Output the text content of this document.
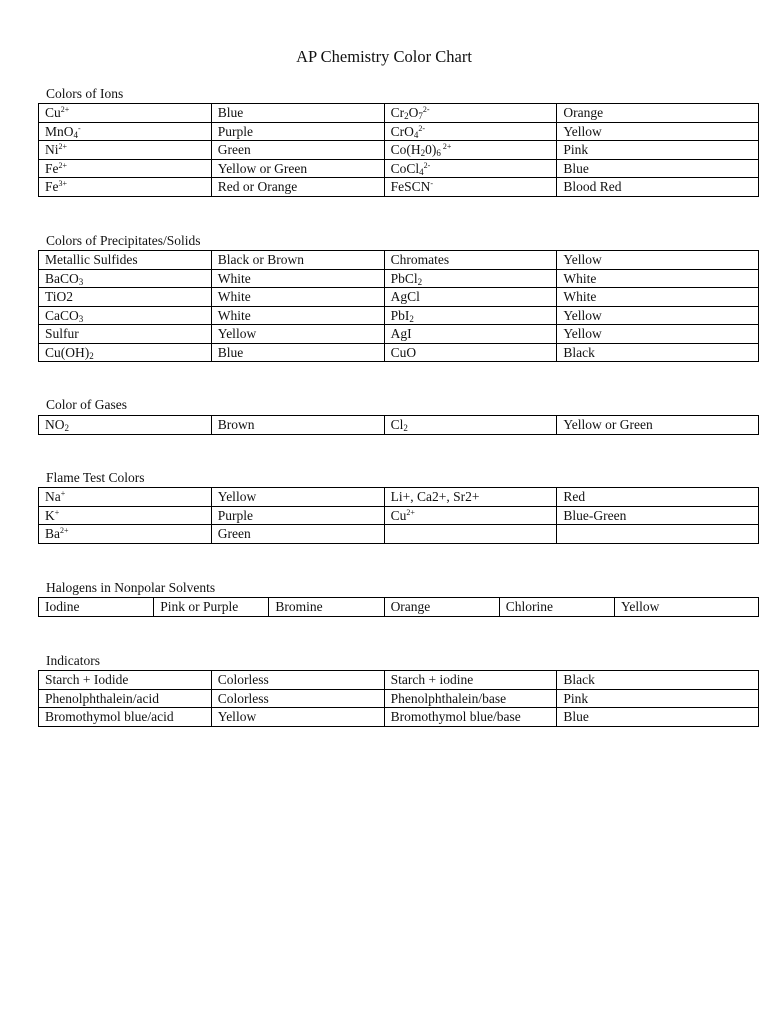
AP Chemistry Color Chart
Colors of Ions
$Cu^{2+}$	Blue	$Cr_2O_7^{2-}$	Orange
MnO$_4$-	Purple	CrO$_4^{2-}$	Yellow
$Ni^{2+}$	Green	$Co(H_20)_6$ $^{2+}$	Pink
$Fe^{2+}$	Yellow or Green	CoCl$_4^{2-}$	Blue
$Fe^{3+}$	Red or Orange	FeSCN-	Blood Red
Colors of Precipitates/Solids
Metallic Sulfides	Black or Brown	Chromates	Yellow
BaCO$_3$	White	PbCl$_2$	White
TiO2	White	AgCl	White
CaCO$_3$	White	PbI$_2$	Yellow
Sulfur	Yellow	AgI	Yellow
$Cu(OH)_2$	Blue	CuO	Black
Color of Gases
$NO_2$	Brown	$Cl_2$	Yellow or Green
Flame Test Colors
Na+	Yellow	Li+, Ca2+, Sr2+	Red
K+	Purple	$Cu^{2+}$	Blue-Green
$Ba^{2+}$	Green		
Halogens in Nonpolar Solvents
Iodine	Pink or Purple	Bromine	Orange	Chlorine	Yellow
Indicators
Starch + Iodide	Colorless	Starch + iodine	Black
Phenolphthalein/acid	Colorless	Phenolphthalein/base	Pink
Bromothymol blue/acid	Yellow	Bromothymol blue/base	Blue
